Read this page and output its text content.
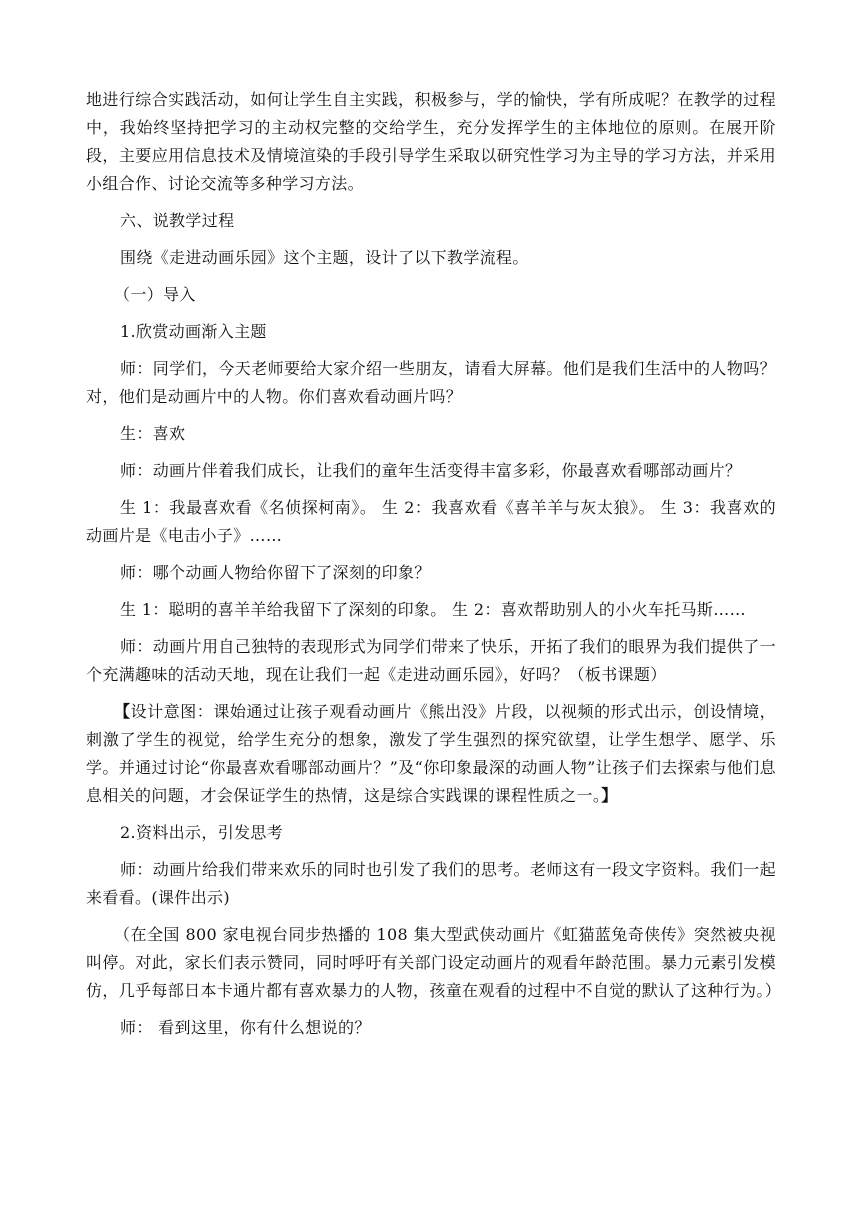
地进行综合实践活动，如何让学生自主实践，积极参与，学的愉快，学有所成呢？在教学的过程中，我始终坚持把学习的主动权完整的交给学生，充分发挥学生的主体地位的原则。在展开阶段，主要应用信息技术及情境渲染的手段引导学生采取以研究性学习为主导的学习方法，并采用小组合作、讨论交流等多种学习方法。

六、说教学过程

围绕《走进动画乐园》这个主题，设计了以下教学流程。

（一）导入

1.欣赏动画渐入主题

师：同学们，今天老师要给大家介绍一些朋友，请看大屏幕。他们是我们生活中的人物吗？对，他们是动画片中的人物。你们喜欢看动画片吗？

生：喜欢

师：动画片伴着我们成长，让我们的童年生活变得丰富多彩，你最喜欢看哪部动画片？

生 1：我最喜欢看《名侦探柯南》。 生 2：我喜欢看《喜羊羊与灰太狼》。 生 3：我喜欢的动画片是《电击小子》……

师：哪个动画人物给你留下了深刻的印象？

生 1：聪明的喜羊羊给我留下了深刻的印象。 生 2：喜欢帮助别人的小火车托马斯……

师：动画片用自己独特的表现形式为同学们带来了快乐，开拓了我们的眼界为我们提供了一个充满趣味的活动天地，现在让我们一起《走进动画乐园》，好吗？（板书课题）

【设计意图：课始通过让孩子观看动画片《熊出没》片段，以视频的形式出示，创设情境，刺激了学生的视觉，给学生充分的想象，激发了学生强烈的探究欲望，让学生想学、愿学、乐学。并通过讨论“你最喜欢看哪部动画片？”及“你印象最深的动画人物”让孩子们去探索与他们息息相关的问题，才会保证学生的热情，这是综合实践课的课程性质之一。】

2.资料出示，引发思考

师：动画片给我们带来欢乐的同时也引发了我们的思考。老师这有一段文字资料。我们一起来看看。(课件出示)

（在全国 800 家电视台同步热播的 108 集大型武侠动画片《虹猫蓝兔奇侠传》突然被央视叫停。对此，家长们表示赞同，同时呼吁有关部门设定动画片的观看年龄范围。暴力元素引发模仿，几乎每部日本卡通片都有喜欢暴力的人物，孩童在观看的过程中不自觉的默认了这种行为。）

师： 看到这里，你有什么想说的？
